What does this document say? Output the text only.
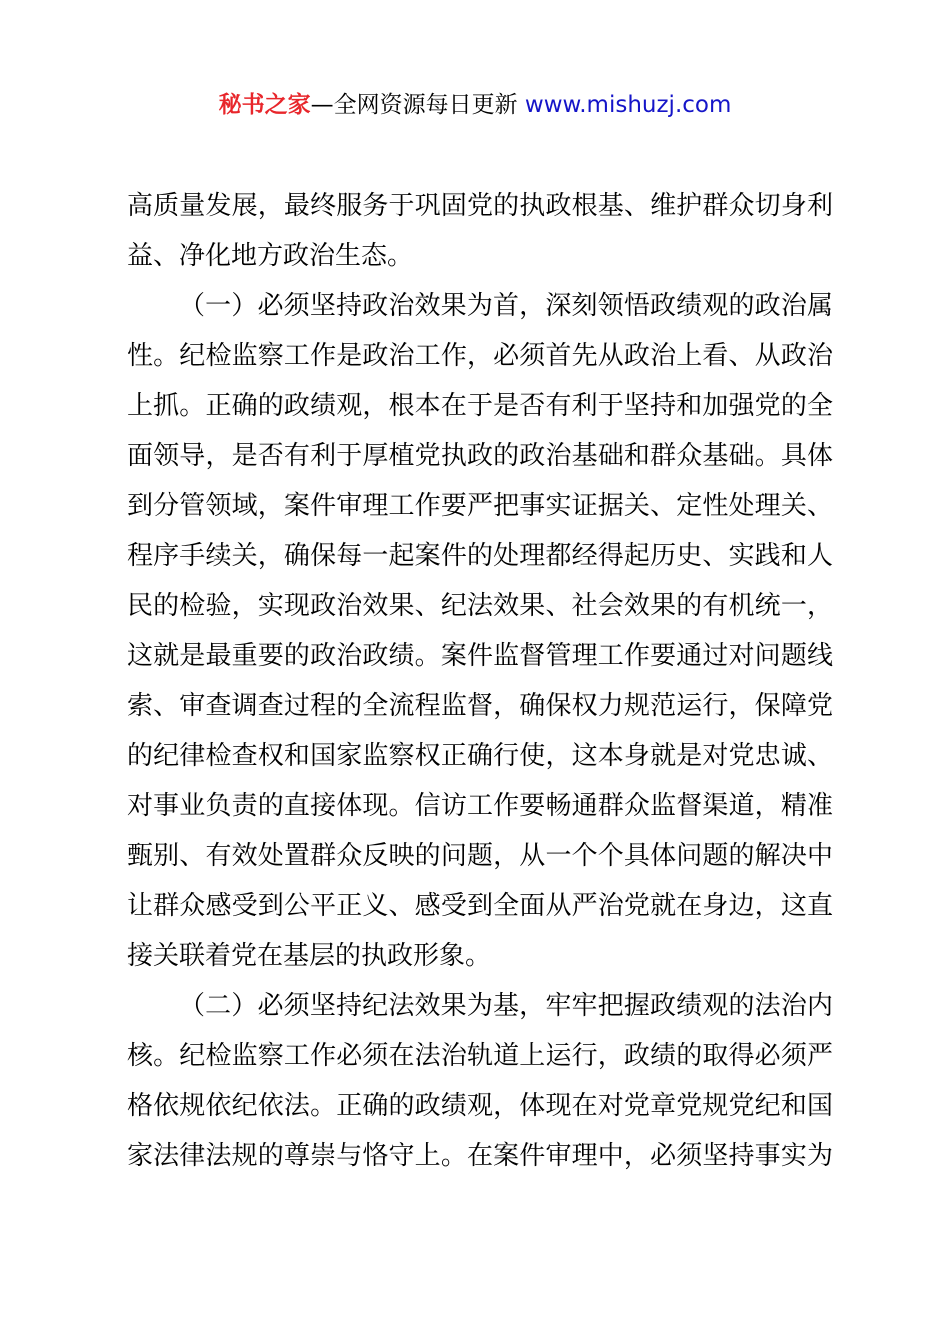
秘书之家—全网资源每日更新 www.mishuzj.com
高质量发展，最终服务于巩固党的执政根基、维护群众切身利
益、净化地方政治生态。
（一）必须坚持政治效果为首，深刻领悟政绩观的政治属
性。纪检监察工作是政治工作，必须首先从政治上看、从政治
上抓。正确的政绩观，根本在于是否有利于坚持和加强党的全
面领导，是否有利于厚植党执政的政治基础和群众基础。具体
到分管领域，案件审理工作要严把事实证据关、定性处理关、
程序手续关，确保每一起案件的处理都经得起历史、实践和人
民的检验，实现政治效果、纪法效果、社会效果的有机统一，
这就是最重要的政治政绩。案件监督管理工作要通过对问题线
索、审查调查过程的全流程监督，确保权力规范运行，保障党
的纪律检查权和国家监察权正确行使，这本身就是对党忠诚、
对事业负责的直接体现。信访工作要畅通群众监督渠道，精准
甄别、有效处置群众反映的问题，从一个个具体问题的解决中
让群众感受到公平正义、感受到全面从严治党就在身边，这直
接关联着党在基层的执政形象。
（二）必须坚持纪法效果为基，牢牢把握政绩观的法治内
核。纪检监察工作必须在法治轨道上运行，政绩的取得必须严
格依规依纪依法。正确的政绩观，体现在对党章党规党纪和国
家法律法规的尊崇与恪守上。在案件审理中，必须坚持事实为
